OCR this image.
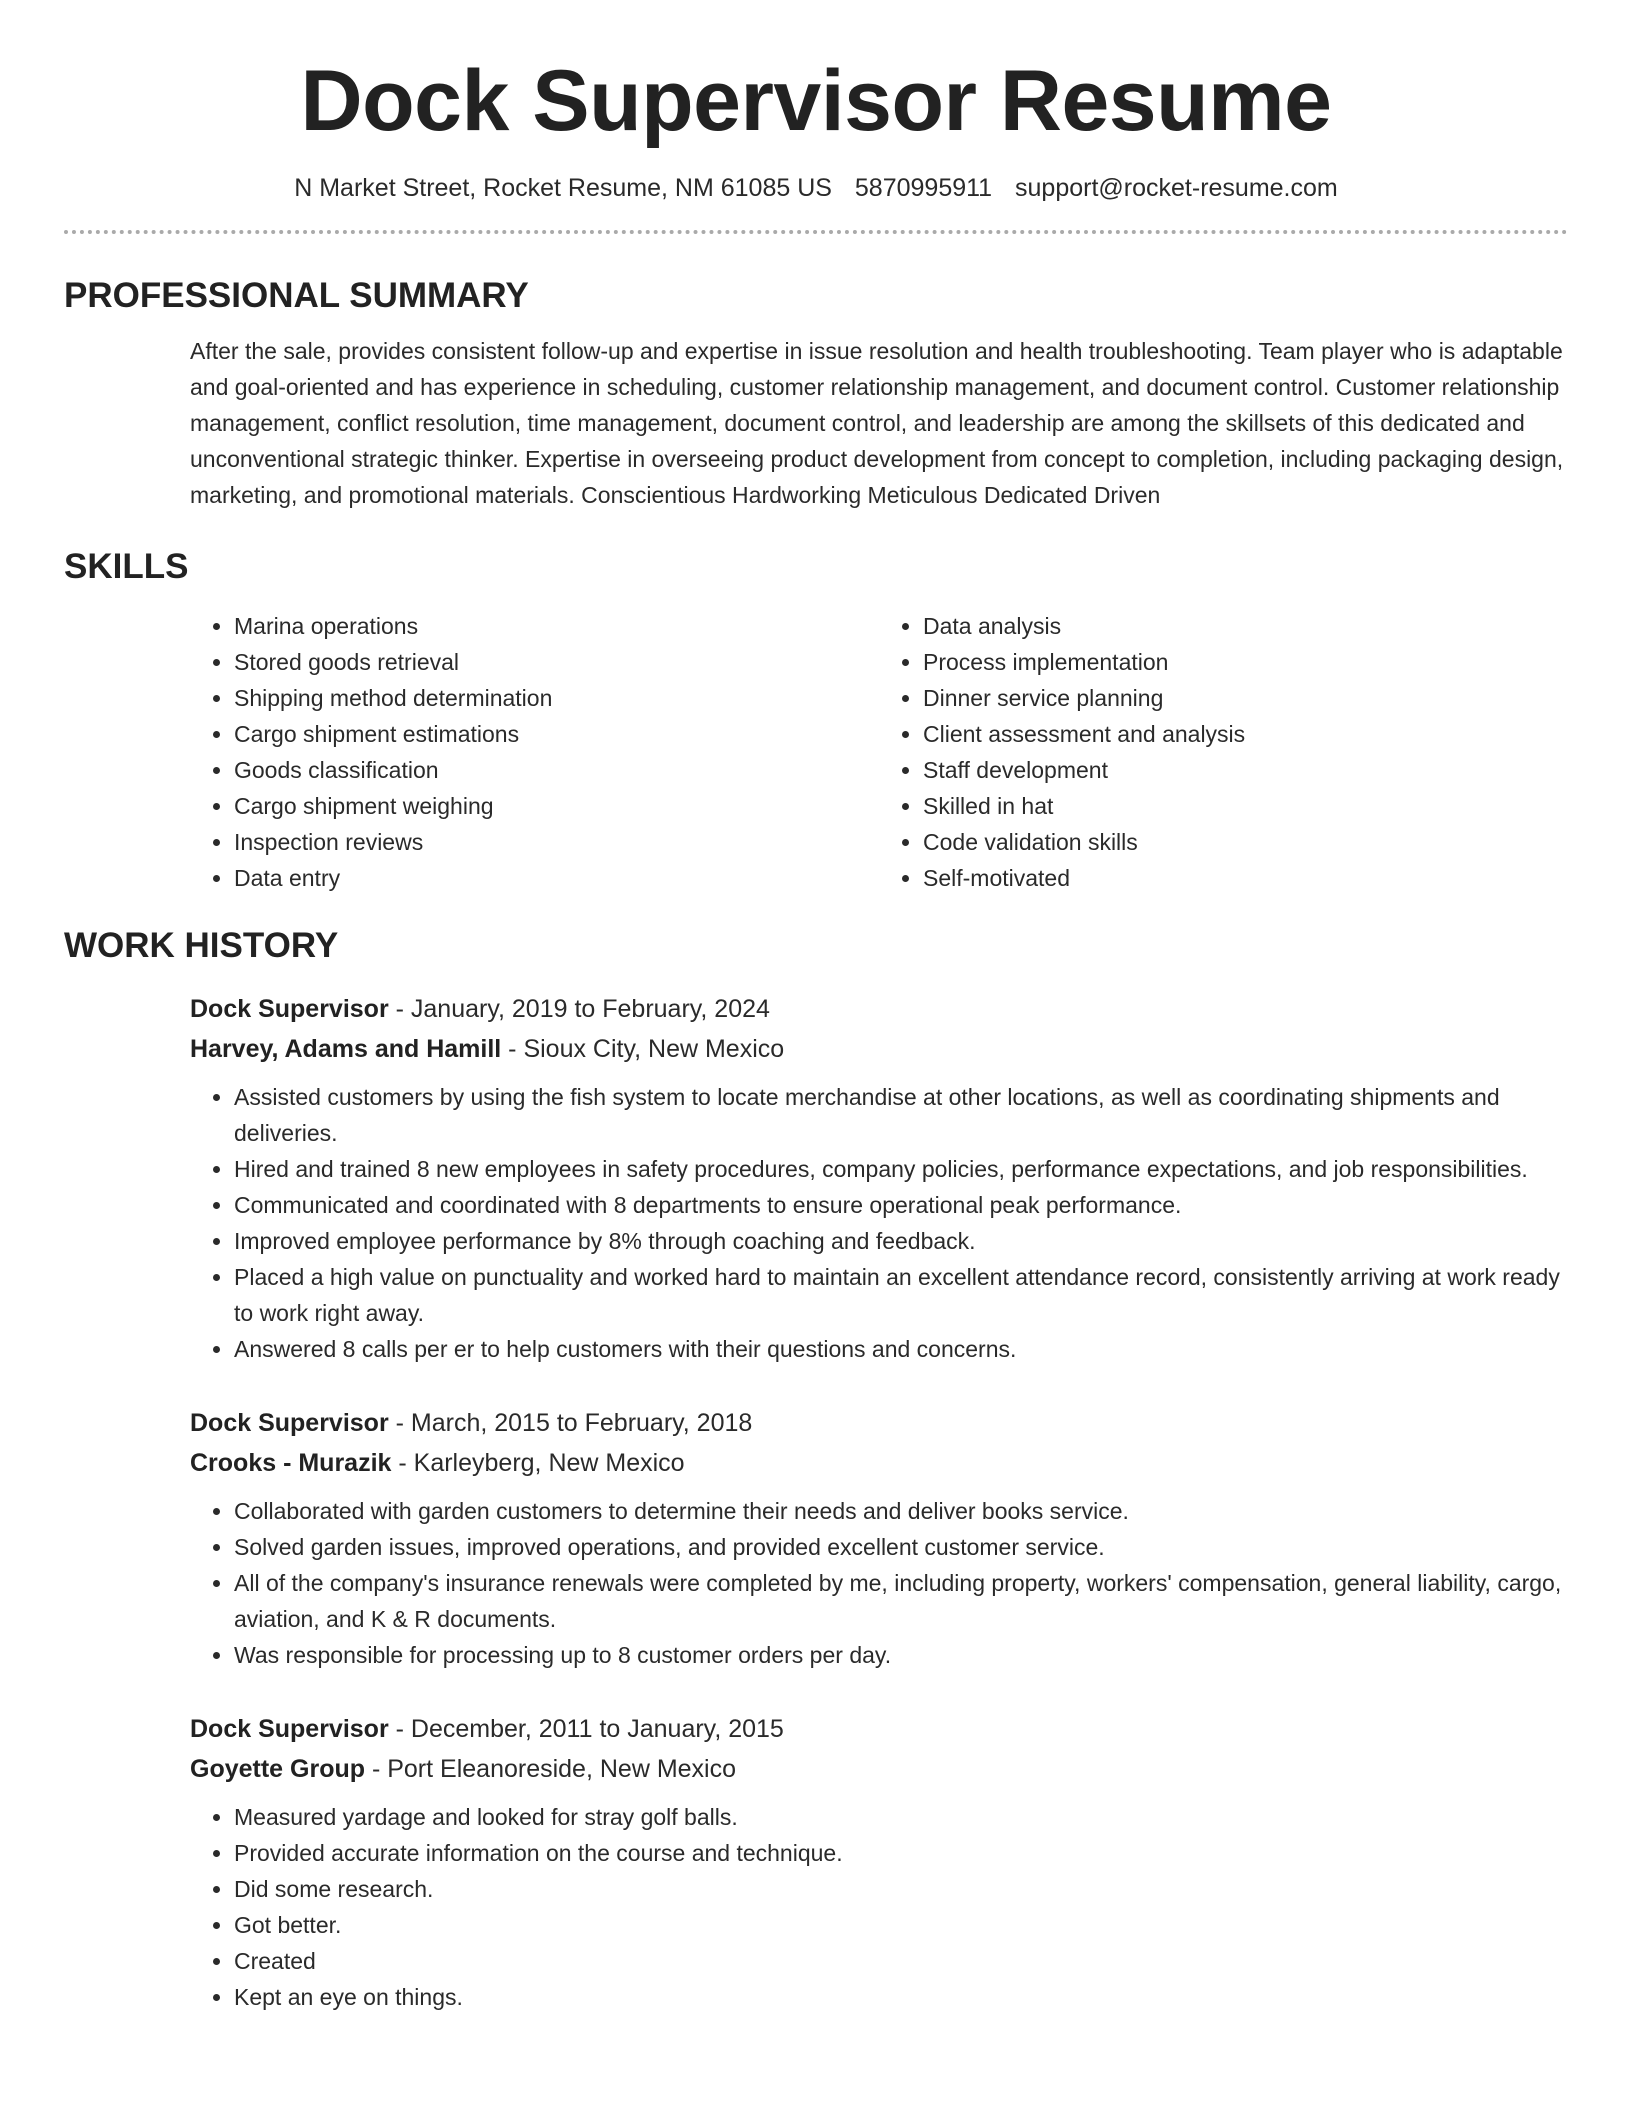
Dock Supervisor Resume
N Market Street, Rocket Resume, NM 61085 US 5870995911 support@rocket-resume.com
PROFESSIONAL SUMMARY
After the sale, provides consistent follow-up and expertise in issue resolution and health troubleshooting. Team player who is adaptable and goal-oriented and has experience in scheduling, customer relationship management, and document control. Customer relationship management, conflict resolution, time management, document control, and leadership are among the skillsets of this dedicated and unconventional strategic thinker. Expertise in overseeing product development from concept to completion, including packaging design, marketing, and promotional materials. Conscientious Hardworking Meticulous Dedicated Driven
SKILLS
• Marina operations
• Stored goods retrieval
• Shipping method determination
• Cargo shipment estimations
• Goods classification
• Cargo shipment weighing
• Inspection reviews
• Data entry
• Data analysis
• Process implementation
• Dinner service planning
• Client assessment and analysis
• Staff development
• Skilled in hat
• Code validation skills
• Self-motivated
WORK HISTORY
Dock Supervisor - January, 2019 to February, 2024
Harvey, Adams and Hamill - Sioux City, New Mexico
• Assisted customers by using the fish system to locate merchandise at other locations, as well as coordinating shipments and deliveries.
• Hired and trained 8 new employees in safety procedures, company policies, performance expectations, and job responsibilities.
• Communicated and coordinated with 8 departments to ensure operational peak performance.
• Improved employee performance by 8% through coaching and feedback.
• Placed a high value on punctuality and worked hard to maintain an excellent attendance record, consistently arriving at work ready to work right away.
• Answered 8 calls per er to help customers with their questions and concerns.
Dock Supervisor - March, 2015 to February, 2018
Crooks - Murazik - Karleyberg, New Mexico
• Collaborated with garden customers to determine their needs and deliver books service.
• Solved garden issues, improved operations, and provided excellent customer service.
• All of the company's insurance renewals were completed by me, including property, workers' compensation, general liability, cargo, aviation, and K & R documents.
• Was responsible for processing up to 8 customer orders per day.
Dock Supervisor - December, 2011 to January, 2015
Goyette Group - Port Eleanoreside, New Mexico
• Measured yardage and looked for stray golf balls.
• Provided accurate information on the course and technique.
• Did some research.
• Got better.
• Created
• Kept an eye on things.
